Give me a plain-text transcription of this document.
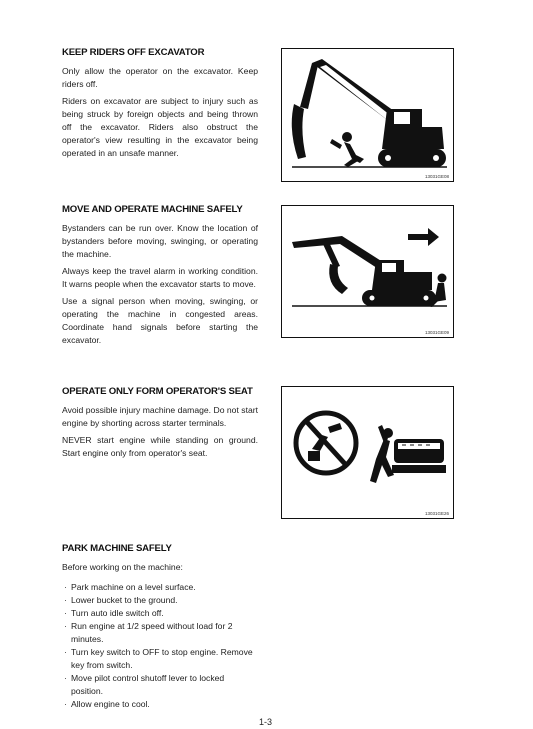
KEEP RIDERS OFF EXCAVATOR

Only allow the operator on the excavator. Keep riders off.

Riders on excavator are subject to injury such as being struck by foreign objects and being thrown off the excavator. Riders also obstruct the operator's view resulting in the excavator being operated in an unsafe manner.

13031GE08
MOVE AND OPERATE MACHINE SAFELY

Bystanders can be run over. Know the location of bystanders before moving, swinging, or operating the machine.

Always keep the travel alarm in working condition. It warns people when the excavator starts to move.

Use a signal person when moving, swinging, or operating the machine in congested areas. Coordinate hand signals before starting the excavator.

13031GE09
OPERATE ONLY FORM OPERATOR'S SEAT

Avoid possible injury machine damage. Do not start engine by shorting across starter terminals.

NEVER start engine while standing on ground. Start engine only from operator's seat.

13031GE26
PARK MACHINE SAFELY

Before working on the machine:

· Park machine on a level surface.
· Lower bucket to the ground.
· Turn auto idle switch off.
· Run engine at 1/2 speed without load for 2 minutes.
· Turn key switch to OFF to stop engine. Remove key from switch.
· Move pilot control shutoff lever to locked position.
· Allow engine to cool.
1-3
